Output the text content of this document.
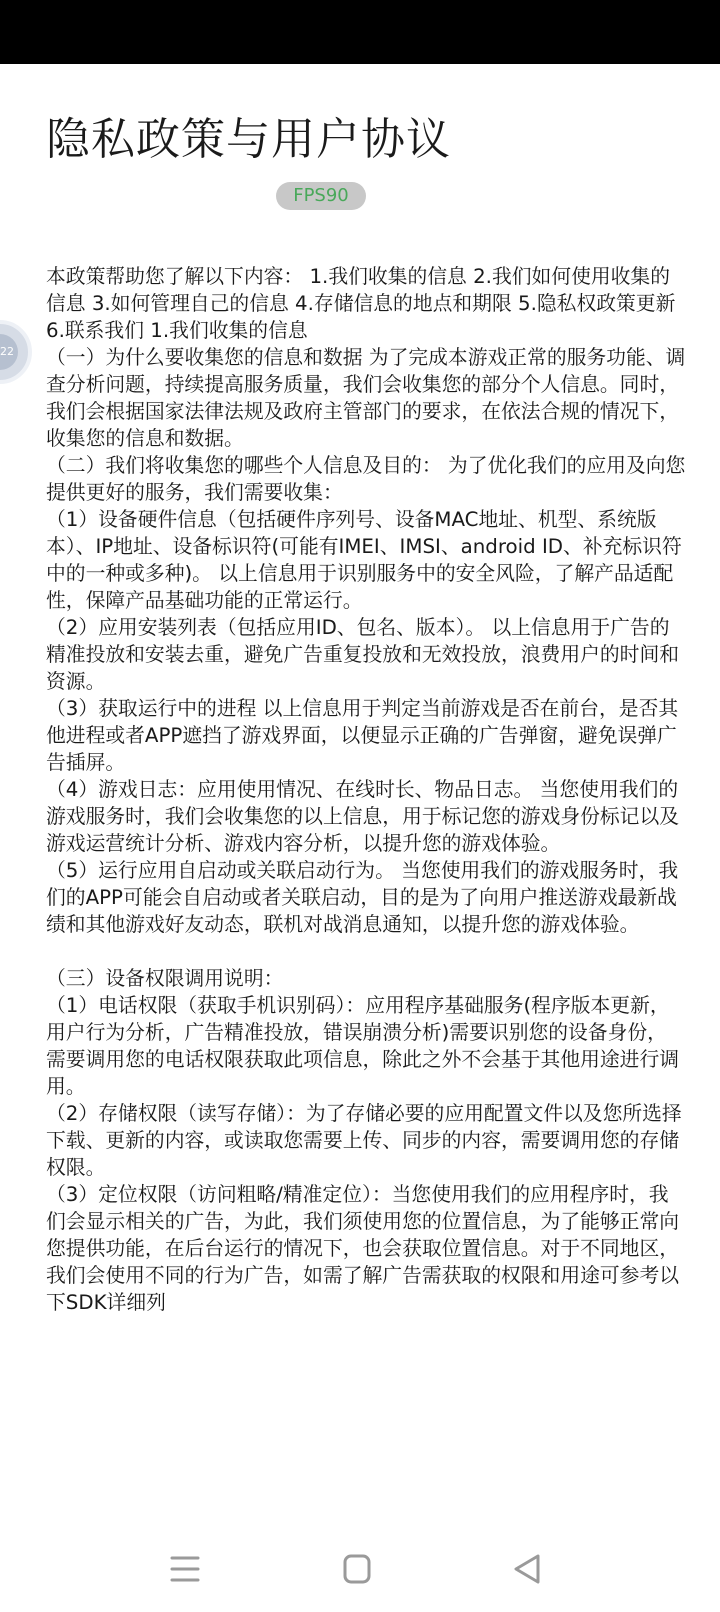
隐私政策与用户协议
FPS90
22

本政策帮助您了解以下内容： 1.我们收集的信息 2.我们如何使用收集的信息 3.如何管理自己的信息 4.存储信息的地点和期限 5.隐私权政策更新 6.联系我们 1.我们收集的信息

（一）为什么要收集您的信息和数据 为了完成本游戏正常的服务功能、调查分析问题，持续提高服务质量，我们会收集您的部分个人信息。同时，我们会根据国家法律法规及政府主管部门的要求，在依法合规的情况下，收集您的信息和数据。

（二）我们将收集您的哪些个人信息及目的： 为了优化我们的应用及向您提供更好的服务，我们需要收集：

（1）设备硬件信息（包括硬件序列号、设备MAC地址、机型、系统版本）、IP地址、设备标识符(可能有IMEI、IMSI、android ID、补充标识符中的一种或多种)。 以上信息用于识别服务中的安全风险，了解产品适配性，保障产品基础功能的正常运行。

（2）应用安装列表（包括应用ID、包名、版本）。 以上信息用于广告的精准投放和安装去重，避免广告重复投放和无效投放，浪费用户的时间和资源。

（3）获取运行中的进程 以上信息用于判定当前游戏是否在前台，是否其他进程或者APP遮挡了游戏界面，以便显示正确的广告弹窗，避免误弹广告插屏。

（4）游戏日志：应用使用情况、在线时长、物品日志。 当您使用我们的游戏服务时，我们会收集您的以上信息，用于标记您的游戏身份标记以及游戏运营统计分析、游戏内容分析，以提升您的游戏体验。

（5）运行应用自启动或关联启动行为。 当您使用我们的游戏服务时，我们的APP可能会自启动或者关联启动，目的是为了向用户推送游戏最新战绩和其他游戏好友动态，联机对战消息通知，以提升您的游戏体验。

（三）设备权限调用说明：

（1）电话权限（获取手机识别码）：应用程序基础服务(程序版本更新，用户行为分析，广告精准投放，错误崩溃分析)需要识别您的设备身份，需要调用您的电话权限获取此项信息，除此之外不会基于其他用途进行调用。

（2）存储权限（读写存储）：为了存储必要的应用配置文件以及您所选择下载、更新的内容，或读取您需要上传、同步的内容，需要调用您的存储权限。

（3）定位权限（访问粗略/精准定位）：当您使用我们的应用程序时，我们会显示相关的广告，为此，我们须使用您的位置信息，为了能够正常向您提供功能，在后台运行的情况下，也会获取位置信息。对于不同地区，我们会使用不同的行为广告，如需了解广告需获取的权限和用途可参考以下SDK详细列
